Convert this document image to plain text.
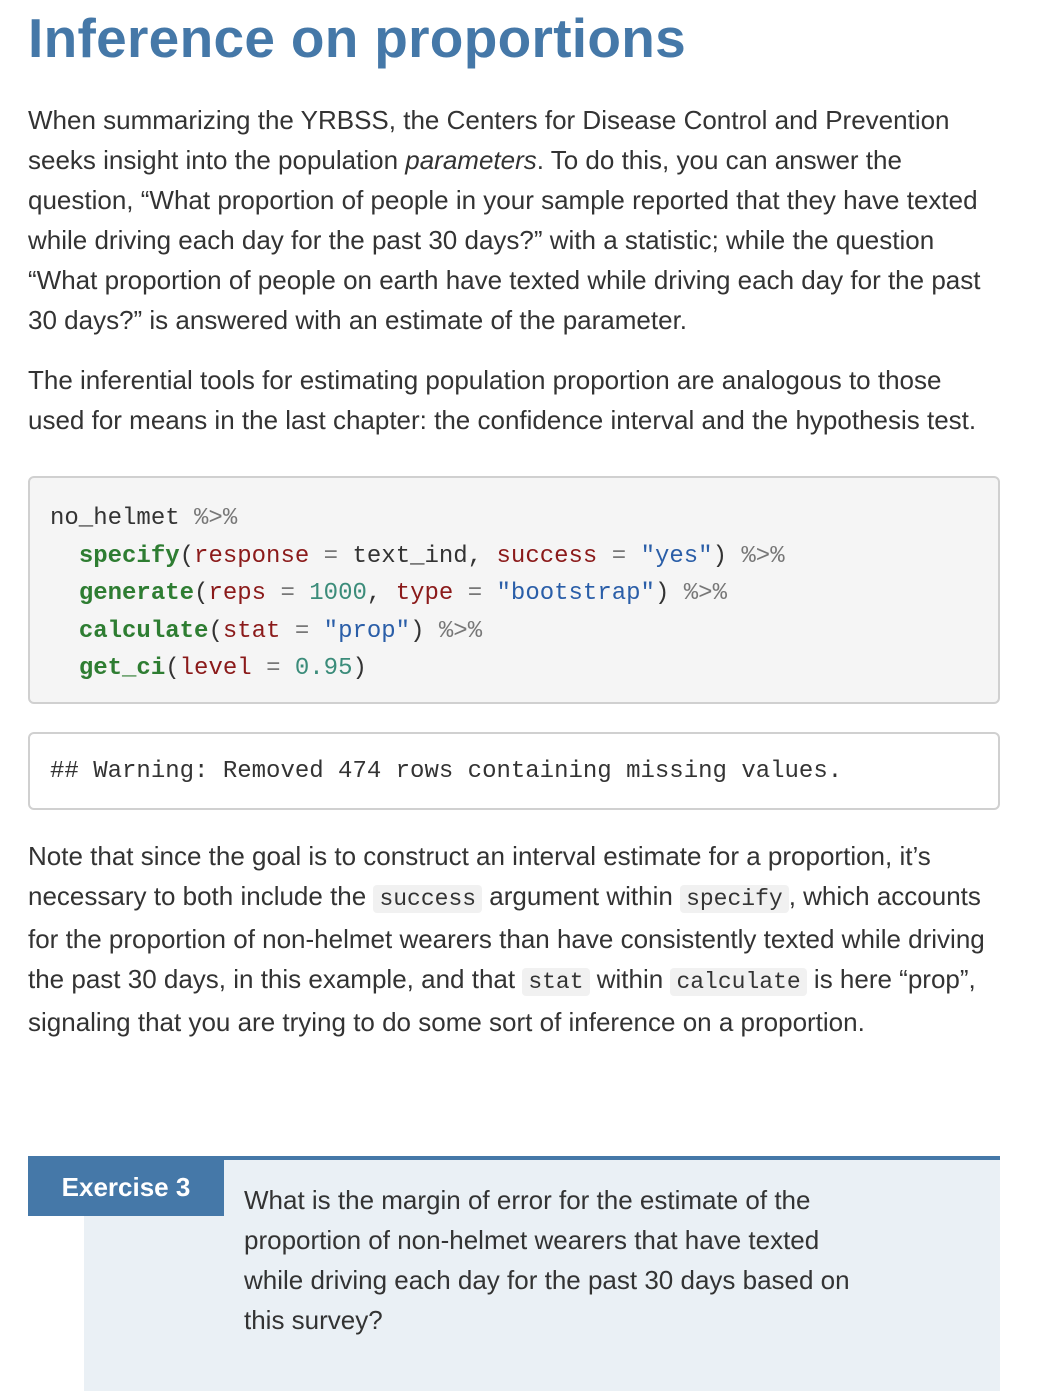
Inference on proportions

When summarizing the YRBSS, the Centers for Disease Control and Prevention seeks insight into the population parameters. To do this, you can answer the question, “What proportion of people in your sample reported that they have texted while driving each day for the past 30 days?” with a statistic; while the question “What proportion of people on earth have texted while driving each day for the past 30 days?” is answered with an estimate of the parameter.

The inferential tools for estimating population proportion are analogous to those used for means in the last chapter: the confidence interval and the hypothesis test.

no_helmet %>%
specify(response = text_ind, success = "yes") %>%
generate(reps = 1000, type = "bootstrap") %>%
calculate(stat = "prop") %>%
get_ci(level = 0.95)
## Warning: Removed 474 rows containing missing values.

Note that since the goal is to construct an interval estimate for a proportion, it’s necessary to both include the success argument within specify , which accounts for the proportion of non-helmet wearers than have consistently texted while driving the past 30 days, in this example, and that stat within calculate is here “prop”, signaling that you are trying to do some sort of inference on a proportion.

Exercise 3	What is the margin of error for the estimate of the proportion of non-helmet wearers that have texted while driving each day for the past 30 days based on this survey?
